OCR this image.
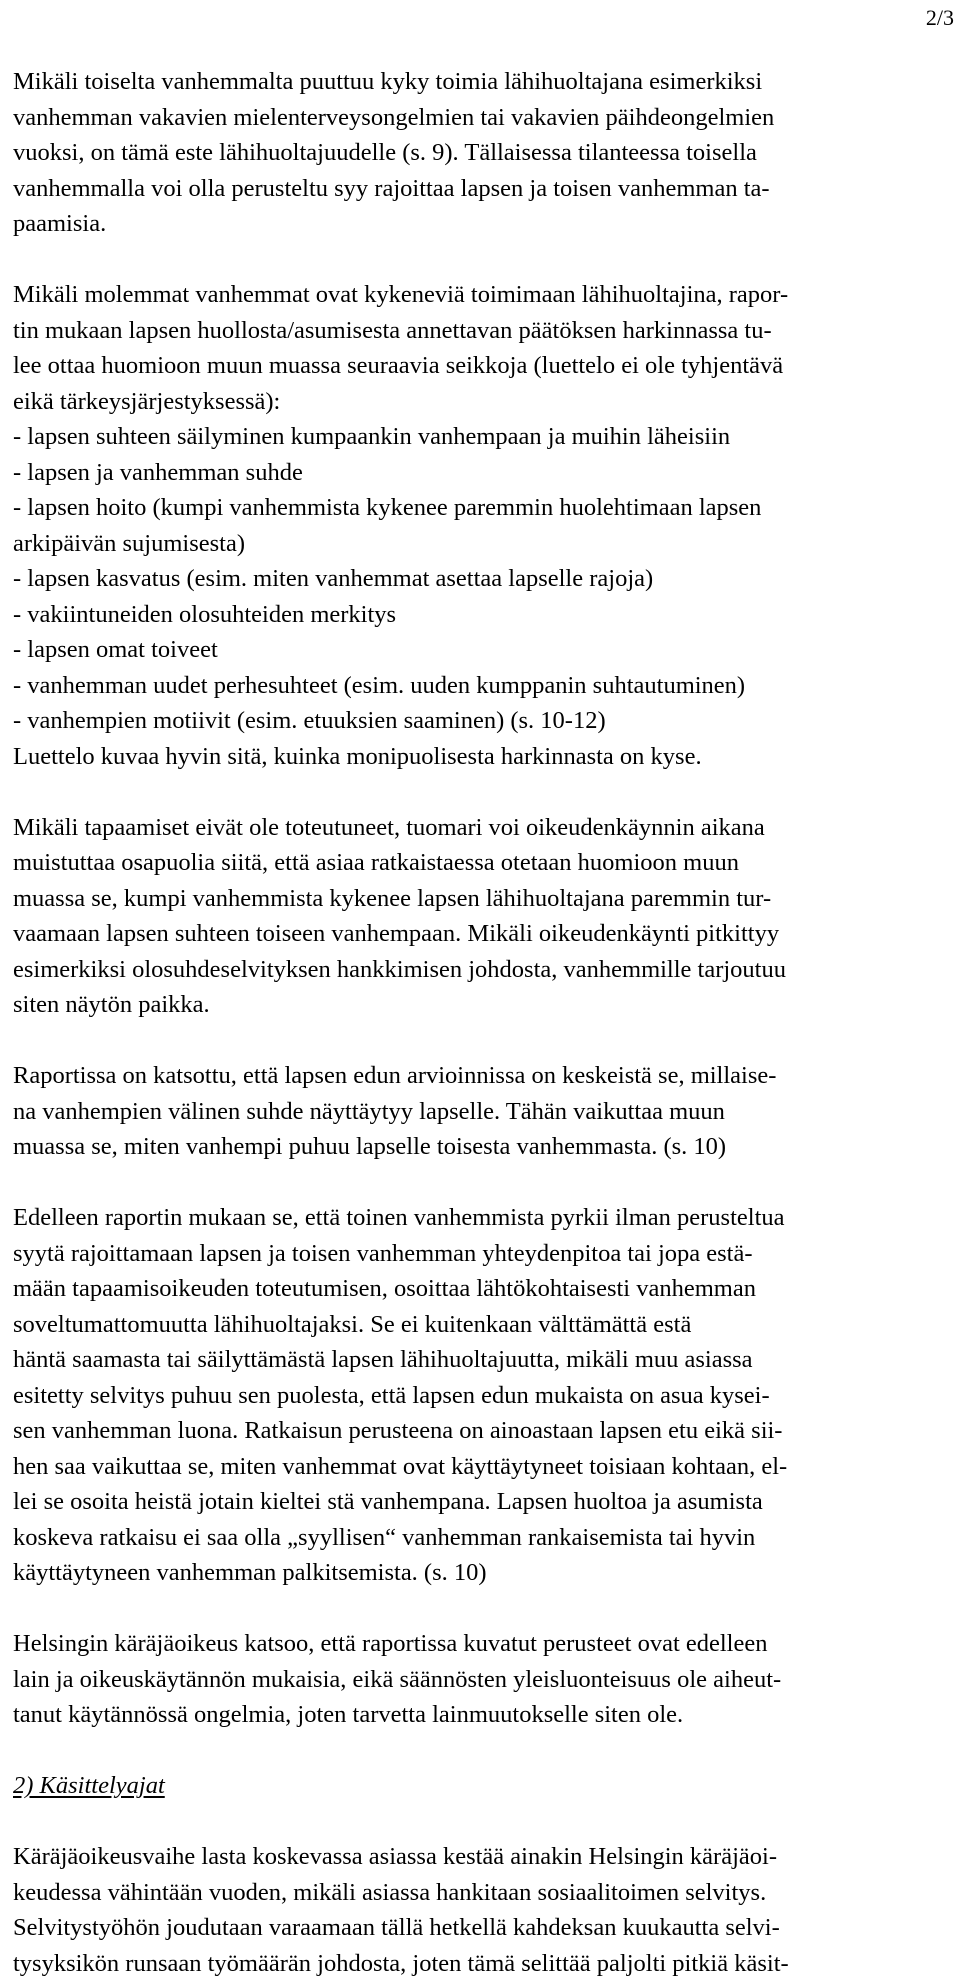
2/3
Mikäli toiselta vanhemmalta puuttuu kyky toimia lähihuoltajana esimerkiksi
vanhemman vakavien mielenterveysongelmien tai vakavien päihdeongelmien
vuoksi, on tämä este lähihuoltajuudelle (s. 9). Tällaisessa tilanteessa toisella
vanhemmalla voi olla perusteltu syy rajoittaa lapsen ja toisen vanhemman ta-
paamisia.
Mikäli molemmat vanhemmat ovat kykeneviä toimimaan lähihuoltajina, rapor-
tin mukaan lapsen huollosta/asumisesta annettavan päätöksen harkinnassa tu-
lee ottaa huomioon muun muassa seuraavia seikkoja (luettelo ei ole tyhjentävä
eikä tärkeysjärjestyksessä):
- lapsen suhteen säilyminen kumpaankin vanhempaan ja muihin läheisiin
- lapsen ja vanhemman suhde
- lapsen hoito (kumpi vanhemmista kykenee paremmin huolehtimaan lapsen
arkipäivän sujumisesta)
- lapsen kasvatus (esim. miten vanhemmat asettaa lapselle rajoja)
- vakiintuneiden olosuhteiden merkitys
- lapsen omat toiveet
- vanhemman uudet perhesuhteet (esim. uuden kumppanin suhtautuminen)
- vanhempien motiivit (esim. etuuksien saaminen) (s. 10-12)
Luettelo kuvaa hyvin sitä, kuinka monipuolisesta harkinnasta on kyse.
Mikäli tapaamiset eivät ole toteutuneet, tuomari voi oikeudenkäynnin aikana
muistuttaa osapuolia siitä, että asiaa ratkaistaessa otetaan huomioon muun
muassa se, kumpi vanhemmista kykenee lapsen lähihuoltajana paremmin tur-
vaamaan lapsen suhteen toiseen vanhempaan. Mikäli oikeudenkäynti pitkittyy
esimerkiksi olosuhdeselvityksen hankkimisen johdosta, vanhemmille tarjoutuu
siten näytön paikka.
Raportissa on katsottu, että lapsen edun arvioinnissa on keskeistä se, millaise-
na vanhempien välinen suhde näyttäytyy lapselle. Tähän vaikuttaa muun
muassa se, miten vanhempi puhuu lapselle toisesta vanhemmasta. (s. 10)
Edelleen raportin mukaan se, että toinen vanhemmista pyrkii ilman perusteltua
syytä rajoittamaan lapsen ja toisen vanhemman yhteydenpitoa tai jopa estä-
mään tapaamisoikeuden toteutumisen, osoittaa lähtökohtaisesti vanhemman
soveltumattomuutta lähihuoltajaksi. Se ei kuitenkaan välttämättä estä
häntä saamasta tai säilyttämästä lapsen lähihuoltajuutta, mikäli muu asiassa
esitetty selvitys puhuu sen puolesta, että lapsen edun mukaista on asua kysei-
sen vanhemman luona. Ratkaisun perusteena on ainoastaan lapsen etu eikä sii-
hen saa vaikuttaa se, miten vanhemmat ovat käyttäytyneet toisiaan kohtaan, el-
lei se osoita heistä jotain kieltei stä vanhempana. Lapsen huoltoa ja asumista
koskeva ratkaisu ei saa olla „syyllisen“ vanhemman rankaisemista tai hyvin
käyttäytyneen vanhemman palkitsemista. (s. 10)
Helsingin käräjäoikeus katsoo, että raportissa kuvatut perusteet ovat edelleen
lain ja oikeuskäytännön mukaisia, eikä säännösten yleisluonteisuus ole aiheut-
tanut käytännössä ongelmia, joten tarvetta lainmuutokselle siten ole.
2) Käsittelyajat
Käräjäoikeusvaihe lasta koskevassa asiassa kestää ainakin Helsingin käräjäoi-
keudessa vähintään vuoden, mikäli asiassa hankitaan sosiaalitoimen selvitys.
Selvitystyöhön joudutaan varaamaan tällä hetkellä kahdeksan kuukautta selvi-
tysyksikön runsaan työmäärän johdosta, joten tämä selittää paljolti pitkiä käsit-
